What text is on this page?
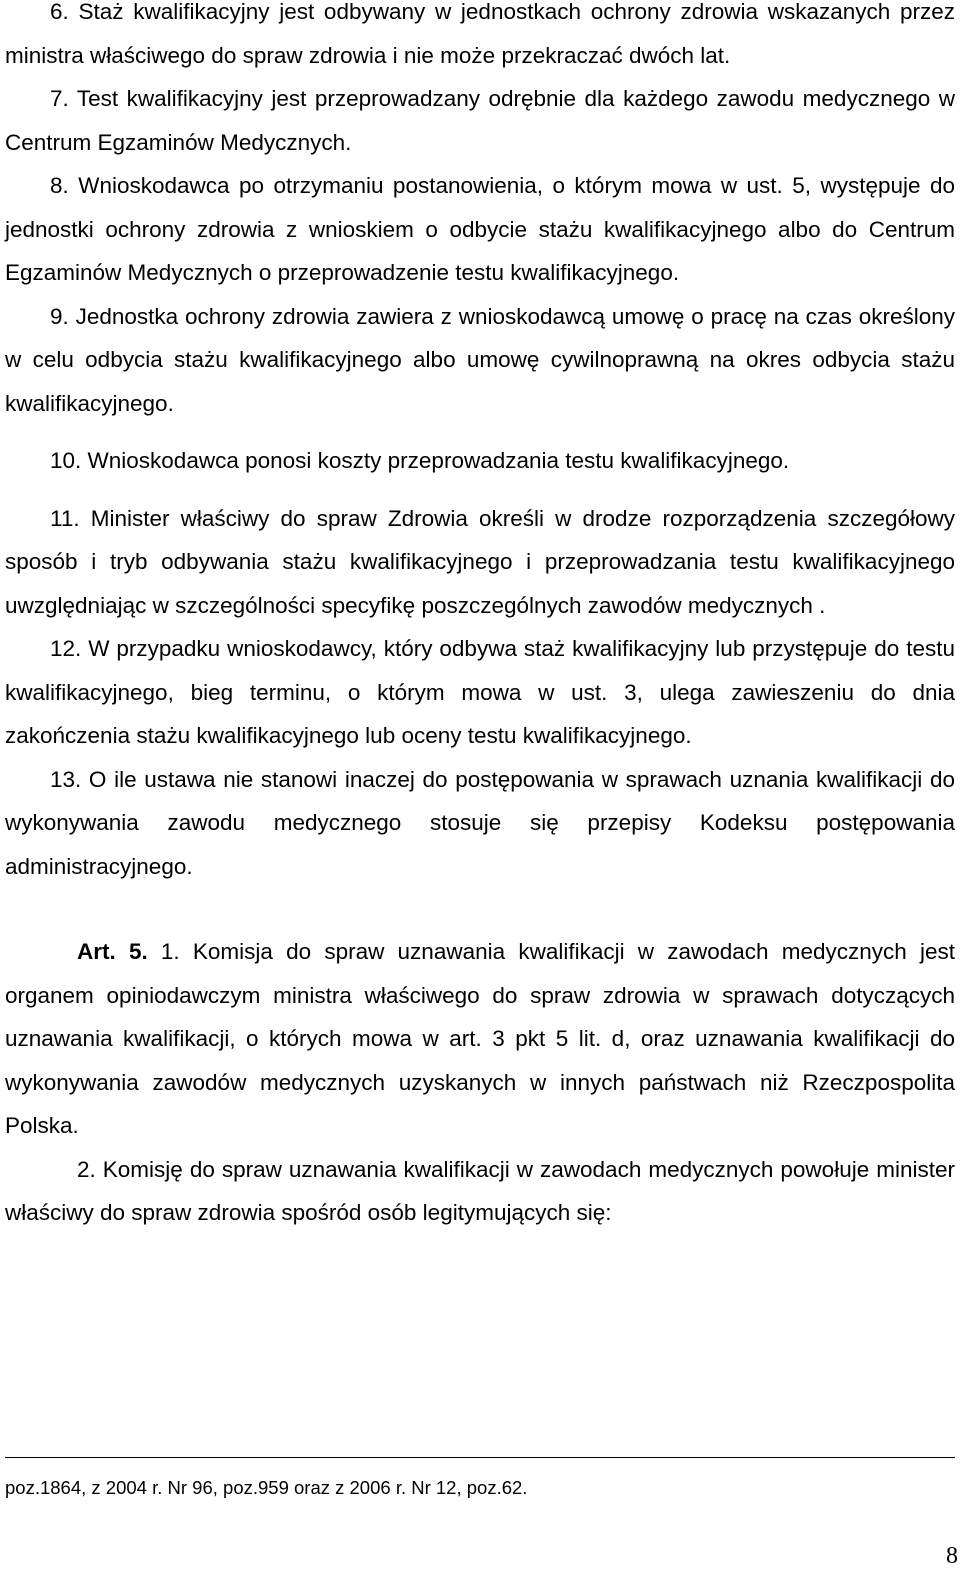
6. Staż kwalifikacyjny jest odbywany w jednostkach ochrony zdrowia wskazanych przez ministra właściwego do spraw zdrowia i nie może przekraczać dwóch lat.

7. Test kwalifikacyjny jest przeprowadzany odrębnie dla każdego zawodu medycznego w Centrum Egzaminów Medycznych.

8. Wnioskodawca po otrzymaniu postanowienia, o którym mowa w ust. 5, występuje do jednostki ochrony zdrowia z wnioskiem o odbycie stażu kwalifikacyjnego albo do Centrum Egzaminów Medycznych o przeprowadzenie testu kwalifikacyjnego.

9. Jednostka ochrony zdrowia zawiera z wnioskodawcą umowę o pracę na czas określony w celu odbycia stażu kwalifikacyjnego albo umowę cywilnoprawną na okres odbycia stażu kwalifikacyjnego.

10. Wnioskodawca ponosi koszty przeprowadzania testu kwalifikacyjnego.

11. Minister właściwy do spraw Zdrowia określi w drodze rozporządzenia szczegółowy sposób i tryb odbywania stażu kwalifikacyjnego i przeprowadzania testu kwalifikacyjnego uwzględniając w szczególności specyfikę poszczególnych zawodów medycznych .

12. W przypadku wnioskodawcy, który odbywa staż kwalifikacyjny lub przystępuje do testu kwalifikacyjnego, bieg terminu, o którym mowa w ust. 3, ulega zawieszeniu do dnia zakończenia stażu kwalifikacyjnego lub oceny testu kwalifikacyjnego.

13. O ile ustawa nie stanowi inaczej do postępowania w sprawach uznania kwalifikacji do wykonywania zawodu medycznego stosuje się przepisy Kodeksu postępowania administracyjnego.

Art. 5. 1. Komisja do spraw uznawania kwalifikacji w zawodach medycznych jest organem opiniodawczym ministra właściwego do spraw zdrowia w sprawach dotyczących uznawania kwalifikacji, o których mowa w art. 3 pkt 5 lit. d, oraz uznawania kwalifikacji do wykonywania zawodów medycznych uzyskanych w innych państwach niż Rzeczpospolita Polska.

2. Komisję do spraw uznawania kwalifikacji w zawodach medycznych powołuje minister właściwy do spraw zdrowia spośród osób legitymujących się:

poz.1864, z 2004 r. Nr 96, poz.959 oraz z 2006 r. Nr 12, poz.62.
8
